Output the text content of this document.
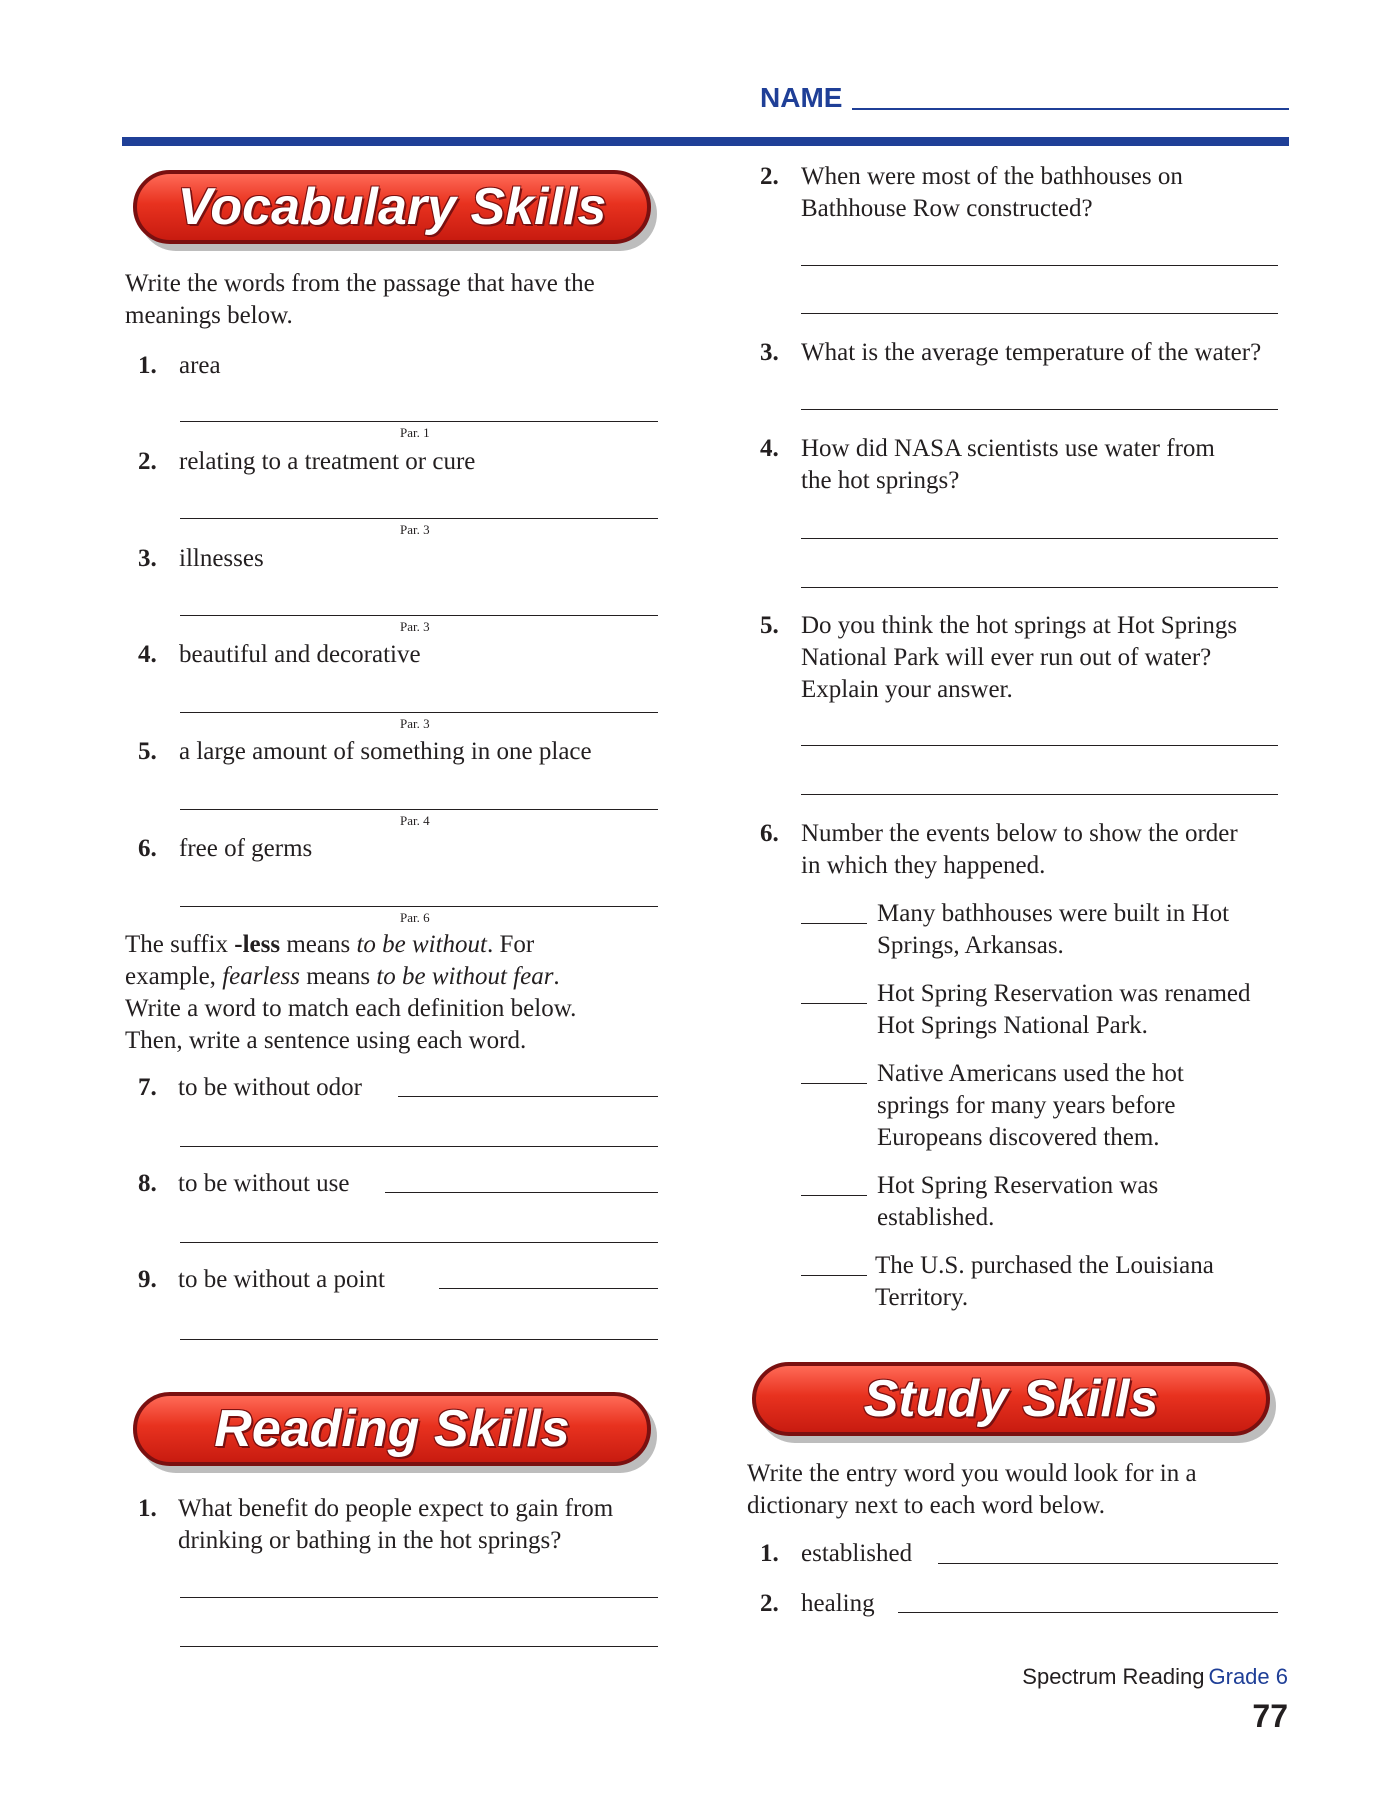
NAME
Vocabulary Skills
Write the words from the passage that have the meanings below.
1. area
Par. 1
2. relating to a treatment or cure
Par. 3
3. illnesses
Par. 3
4. beautiful and decorative
Par. 3
5. a large amount of something in one place
Par. 4
6. free of germs
Par. 6
The suffix -less means to be without. For
example, fearless means to be without fear.
Write a word to match each definition below.
Then, write a sentence using each word.
7. to be without odor
8. to be without use
9. to be without a point
Reading Skills
1. What benefit do people expect to gain from
drinking or bathing in the hot springs?
2. When were most of the bathhouses on
Bathhouse Row constructed?
3. What is the average temperature of the water?
4. How did NASA scientists use water from
the hot springs?
5. Do you think the hot springs at Hot Springs
National Park will ever run out of water?
Explain your answer.
6. Number the events below to show the order
in which they happened.
Many bathhouses were built in Hot
Springs, Arkansas.
Hot Spring Reservation was renamed
Hot Springs National Park.
Native Americans used the hot
springs for many years before
Europeans discovered them.
Hot Spring Reservation was
established.
The U.S. purchased the Louisiana
Territory.
Study Skills
Write the entry word you would look for in a
dictionary next to each word below.
1. established
2. healing
Spectrum Reading Grade 6
77
